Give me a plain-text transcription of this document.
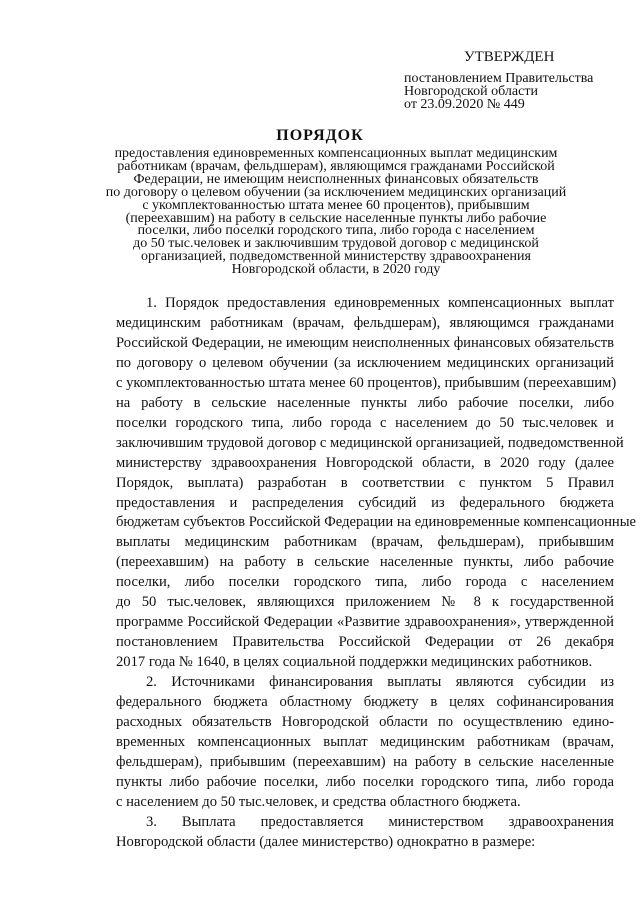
УТВЕРЖДЕН
постановлением Правительства
Новгородской области
от 23.09.2020 № 449
ПОРЯДОК
предоставления единовременных компенсационных выплат медицинским
работникам (врачам, фельдшерам), являющимся гражданами Российской
Федерации, не имеющим неисполненных финансовых обязательств
по договору о целевом обучении (за исключением медицинских организаций
с укомплектованностью штата менее 60 процентов), прибывшим
(переехавшим) на работу в сельские населенные пункты либо рабочие
поселки, либо поселки городского типа, либо города с населением
до 50 тыс.человек и заключившим трудовой договор с медицинской
организацией, подведомственной министерству здравоохранения
Новгородской области, в 2020 году
1. Порядок предоставления единовременных компенсационных выплат
медицинским работникам (врачам, фельдшерам), являющимся гражданами
Российской Федерации, не имеющим неисполненных финансовых обязательств
по договору о целевом обучении (за исключением медицинских организаций
с укомплектованностью штата менее 60 процентов), прибывшим (переехавшим)
на работу в сельские населенные пункты либо рабочие поселки, либо
поселки городского типа, либо города с населением до 50 тыс.человек и
заключившим трудовой договор с медицинской организацией, подведомственной
министерству здравоохранения Новгородской области, в 2020 году (далее
Порядок, выплата) разработан в соответствии с пунктом 5 Правил
предоставления и распределения субсидий из федерального бюджета
бюджетам субъектов Российской Федерации на единовременные компенсационные
выплаты медицинским работникам (врачам, фельдшерам), прибывшим
(переехавшим) на работу в сельские населенные пункты, либо рабочие
поселки, либо поселки городского типа, либо города с населением
до 50 тыс.человек, являющихся приложением № 8 к государственной
программе Российской Федерации «Развитие здравоохранения», утвержденной
постановлением Правительства Российской Федерации от 26 декабря
2017 года № 1640, в целях социальной поддержки медицинских работников.
2. Источниками финансирования выплаты являются субсидии из
федерального бюджета областному бюджету в целях софинансирования
расходных обязательств Новгородской области по осуществлению едино-
временных компенсационных выплат медицинским работникам (врачам,
фельдшерам), прибывшим (переехавшим) на работу в сельские населенные
пункты либо рабочие поселки, либо поселки городского типа, либо города
с населением до 50 тыс.человек, и средства областного бюджета.
3. Выплата предоставляется министерством здравоохранения
Новгородской области (далее министерство) однократно в размере:
